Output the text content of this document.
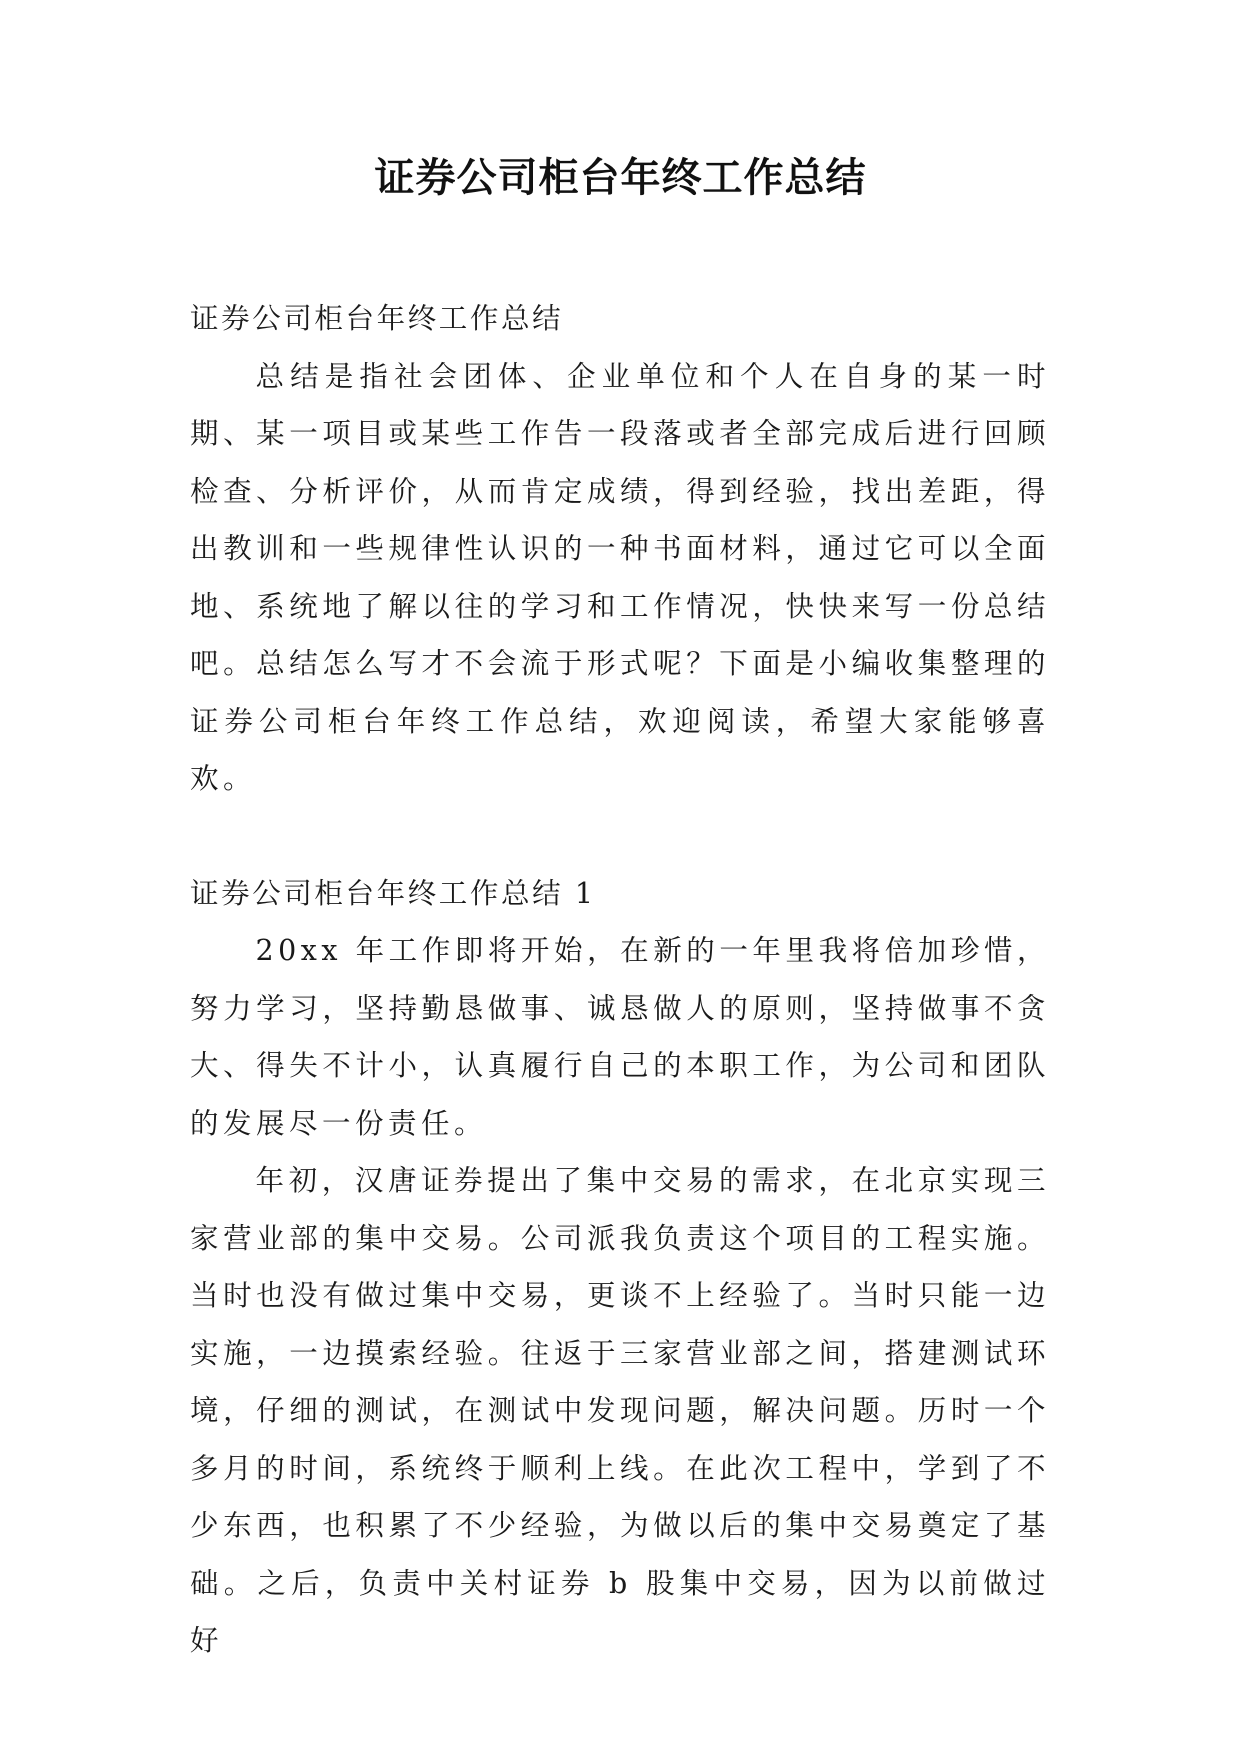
证券公司柜台年终工作总结

证券公司柜台年终工作总结

总结是指社会团体、企业单位和个人在自身的某一时期、某一项目或某些工作告一段落或者全部完成后进行回顾检查、分析评价，从而肯定成绩，得到经验，找出差距，得出教训和一些规律性认识的一种书面材料，通过它可以全面地、系统地了解以往的学习和工作情况，快快来写一份总结吧。总结怎么写才不会流于形式呢？下面是小编收集整理的证券公司柜台年终工作总结，欢迎阅读，希望大家能够喜欢。

证券公司柜台年终工作总结 1

20xx 年工作即将开始，在新的一年里我将倍加珍惜，努力学习，坚持勤恳做事、诚恳做人的原则，坚持做事不贪大、得失不计小，认真履行自己的本职工作，为公司和团队的发展尽一份责任。

年初，汉唐证券提出了集中交易的需求，在北京实现三家营业部的集中交易。公司派我负责这个项目的工程实施。当时也没有做过集中交易，更谈不上经验了。当时只能一边实施，一边摸索经验。往返于三家营业部之间，搭建测试环境，仔细的测试，在测试中发现问题，解决问题。历时一个多月的时间，系统终于顺利上线。在此次工程中，学到了不少东西，也积累了不少经验，为做以后的集中交易奠定了基础。之后，负责中关村证券 b 股集中交易，因为以前做过好
